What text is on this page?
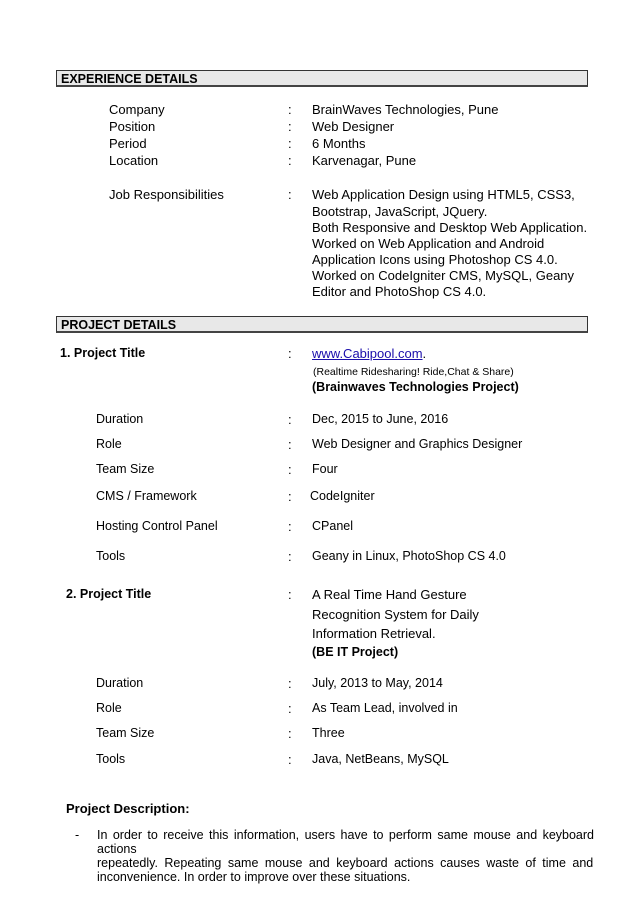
EXPERIENCE DETAILS
Company	: BrainWaves Technologies, Pune
Position	: Web Designer
Period	: 6 Months
Location	: Karvenagar, Pune
Job Responsibilities	: Web Application Design using HTML5, CSS3,
Bootstrap, JavaScript, JQuery.
Both Responsive and Desktop Web Application.
Worked on Web Application and Android
Application Icons using Photoshop CS 4.0.
Worked on CodeIgniter CMS, MySQL, Geany
Editor and PhotoShop CS 4.0.
PROJECT DETAILS
1. Project Title	: www.Cabipool.com.
(Realtime Ridesharing! Ride,Chat & Share)
(Brainwaves Technologies Project)
Duration	: Dec, 2015 to June, 2016
Role	: Web Designer and Graphics Designer
Team Size	: Four
CMS / Framework	: CodeIgniter
Hosting Control Panel	: CPanel
Tools	: Geany in Linux, PhotoShop CS 4.0
2. Project Title	: A Real Time Hand Gesture
Recognition System for Daily
Information Retrieval.
(BE IT Project)
Duration	: July, 2013 to May, 2014
Role	: As Team Lead, involved in
Team Size	: Three
Tools	: Java, NetBeans, MySQL
Project Description:
- In order to receive this information, users have to perform same mouse and keyboard actions
repeatedly. Repeating same mouse and keyboard actions causes waste of time and
inconvenience. In order to improve over these situations.
